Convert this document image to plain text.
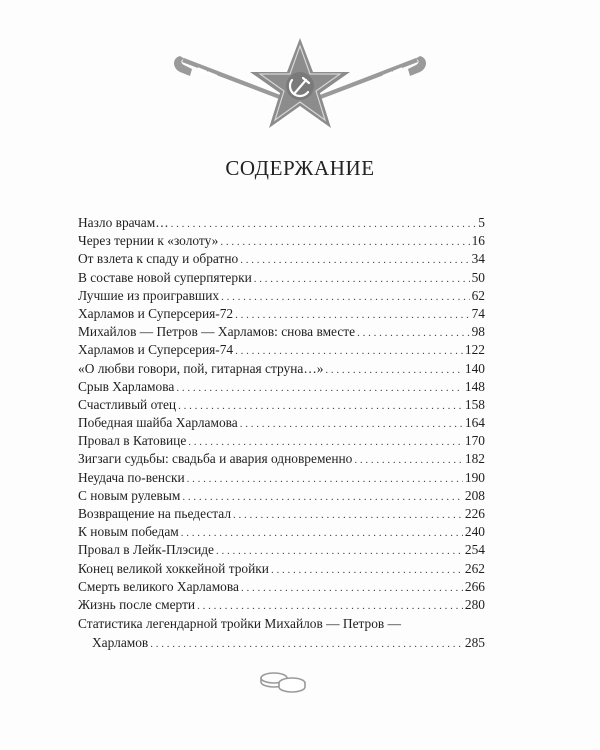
СОДЕРЖАНИЕ
Назло врачам… . . .	5
Через тернии к «золоту» . . .	16
От взлета к спаду и обратно . . .	34
В составе новой суперпятерки . . .	50
Лучшие из проигравших . . .	62
Харламов и Суперсерия-72 . . .	74
Михайлов — Петров — Харламов: снова вместе . . .	98
Харламов и Суперсерия-74 . . .	122
«О любви говори, пой, гитарная струна…» . . .	140
Срыв Харламова . . .	148
Счастливый отец . . .	158
Победная шайба Харламова . . .	164
Провал в Катовице . . .	170
Зигзаги судьбы: свадьба и авария одновременно . . .	182
Неудача по-венски . . .	190
С новым рулевым . . .	208
Возвращение на пьедестал . . .	226
К новым победам . . .	240
Провал в Лейк-Плэсиде . . .	254
Конец великой хоккейной тройки . . .	262
Смерть великого Харламова . . .	266
Жизнь после смерти . . .	280
Статистика легендарной тройки Михайлов — Петров —
Харламов . . .	285
